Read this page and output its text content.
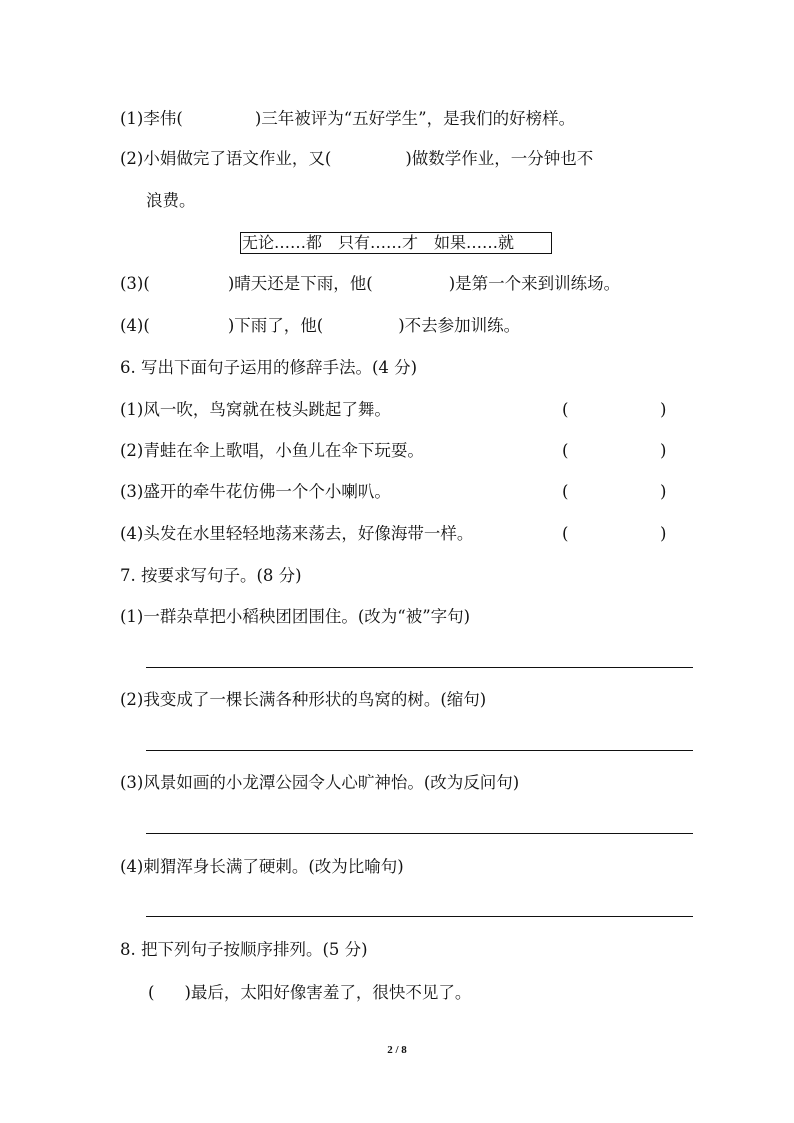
(1)李伟(	)三年被评为“五好学生”，是我们的好榜样。
(2)小娟做完了语文作业，又(	)做数学作业，一分钟也不
浪费。
无论……都　只有……才　如果……就
(3)(	)晴天还是下雨，他(	)是第一个来到训练场。
(4)(	)下雨了，他(	)不去参加训练。
6. 写出下面句子运用的修辞手法。(4 分)
(1)风一吹，鸟窝就在枝头跳起了舞。	(	)
(2)青蛙在伞上歌唱，小鱼儿在伞下玩耍。	(	)
(3)盛开的牵牛花仿佛一个个小喇叭。	(	)
(4)头发在水里轻轻地荡来荡去，好像海带一样。	(	)
7. 按要求写句子。(8 分)
(1)一群杂草把小稻秧团团围住。(改为“被”字句)
(2)我变成了一棵长满各种形状的鸟窝的树。(缩句)
(3)风景如画的小龙潭公园令人心旷神怡。(改为反问句)
(4)刺猬浑身长满了硬刺。(改为比喻句)
8. 把下列句子按顺序排列。(5 分)
( )最后，太阳好像害羞了，很快不见了。
2 / 8
